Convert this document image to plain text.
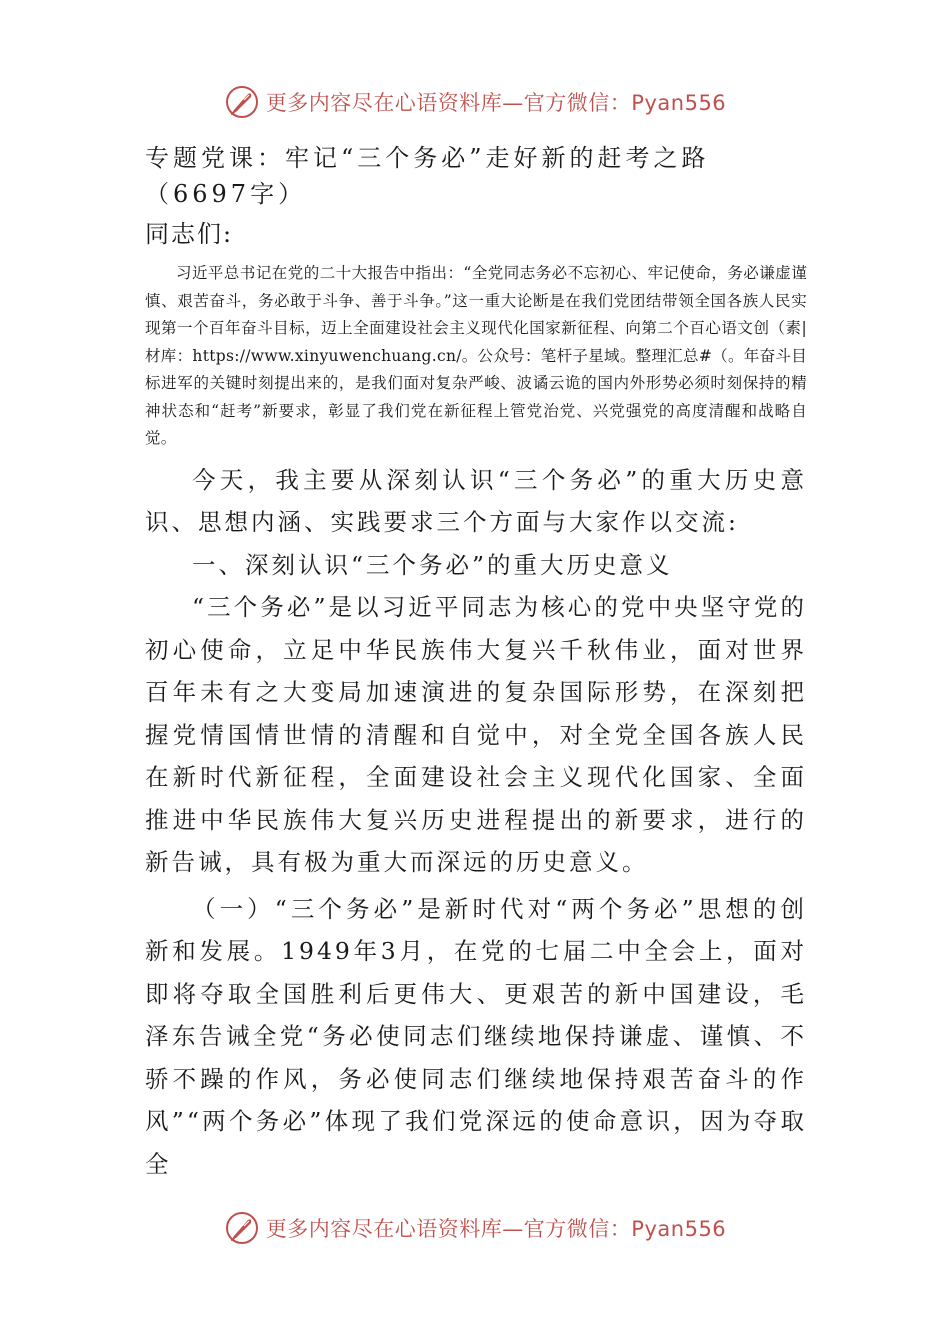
更多内容尽在心语资料库—官方微信：Pyan556
专题党课：牢记“三个务必”走好新的赶考之路（6697字）

同志们:

习近平总书记在党的二十大报告中指出：“全党同志务必不忘初心、牢记使命，务必谦虚谨慎、艰苦奋斗，务必敢于斗争、善于斗争。”这一重大论断是在我们党团结带领全国各族人民实现第一个百年奋斗目标，迈上全面建设社会主义现代化国家新征程、向第二个百心语文创（素|材库：https://www.xinyuwenchuang.cn/。公众号：笔杆子星域。整理汇总#（。年奋斗目标进军的关键时刻提出来的，是我们面对复杂严峻、波谲云诡的国内外形势必须时刻保持的精神状态和“赶考”新要求，彰显了我们党在新征程上管党治党、兴党强党的高度清醒和战略自觉。

今天，我主要从深刻认识“三个务必”的重大历史意识、思想内涵、实践要求三个方面与大家作以交流:

一、深刻认识“三个务必”的重大历史意义

“三个务必”是以习近平同志为核心的党中央坚守党的初心使命，立足中华民族伟大复兴千秋伟业，面对世界百年未有之大变局加速演进的复杂国际形势，在深刻把握党情国情世情的清醒和自觉中，对全党全国各族人民在新时代新征程，全面建设社会主义现代化国家、全面推进中华民族伟大复兴历史进程提出的新要求，进行的新告诫，具有极为重大而深远的历史意义。

（一）“三个务必”是新时代对“两个务必”思想的创新和发展。1949年3月，在党的七届二中全会上，面对即将夺取全国胜利后更伟大、更艰苦的新中国建设，毛泽东告诫全党“务必使同志们继续地保持谦虚、谨慎、不骄不躁的作风，务必使同志们继续地保持艰苦奋斗的作风”“两个务必”体现了我们党深远的使命意识，因为夺取全

更多内容尽在心语资料库—官方微信：Pyan556
